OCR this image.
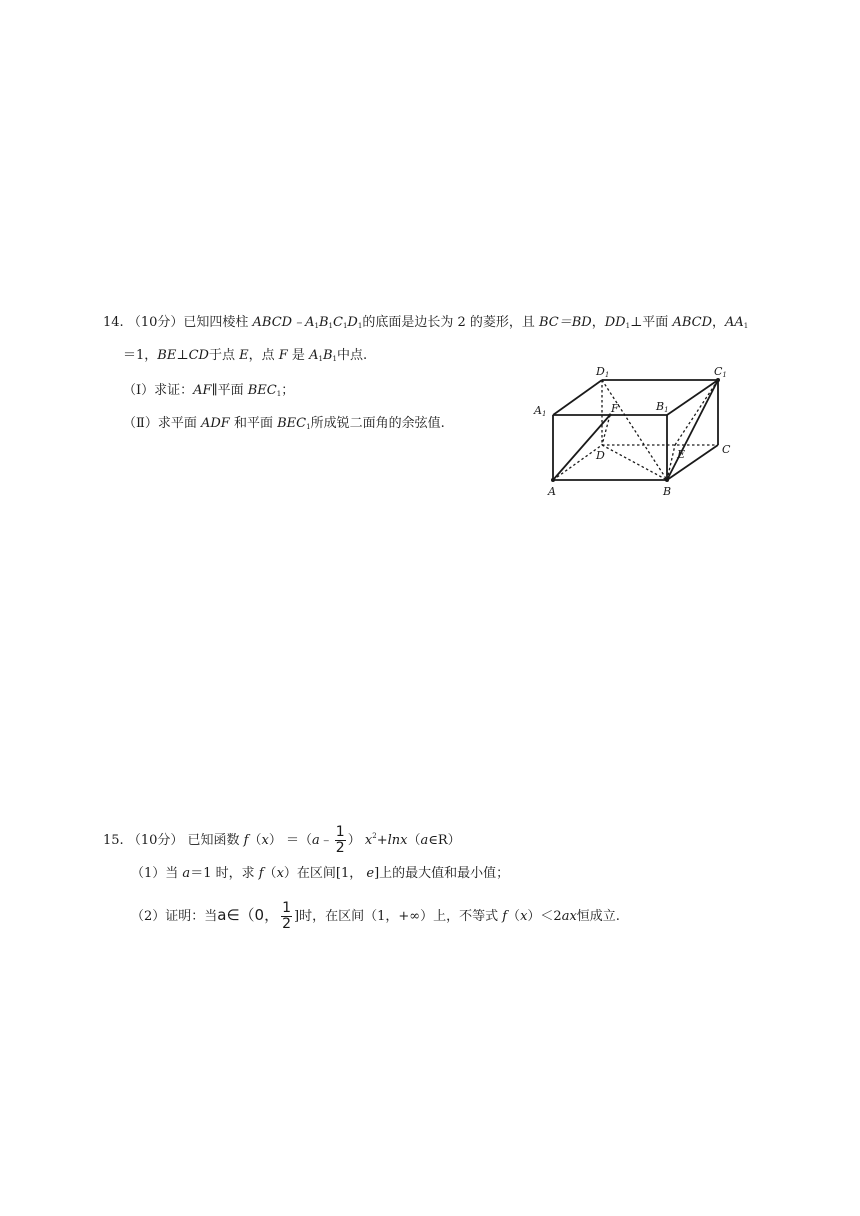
14. （10分）已知四棱柱 $ABCD﹣A_1B_1C_1D_1$的底面是边长为 2 的菱形，且 BC＝BD，$DD_1\perp$平面 ABCD，$AA_1$
＝1，BE⊥CD于点 E，点 F 是 $A_1B_1$中点.
（Ⅰ）求证：AF∥平面 $BEC_1$；
（Ⅱ）求平面 ADF 和平面 $BEC_1$所成锐二面角的余弦值.
D1	C1
A1
B1
F
D	E	C
A	B
15. （10分） 已知函数 f（x） ＝（a﹣ $\frac{1}{2}$ ） $x^2+\ln x(a\in R)$
（1）当 a＝1 时，求 f（x）在区间[1， e]上的最大值和最小值；
（2）证明：当a∈（0， $\frac{1}{2}$ ]时，在区间（1，+∞）上，不等式 f（x）＜2ax恒成立.
